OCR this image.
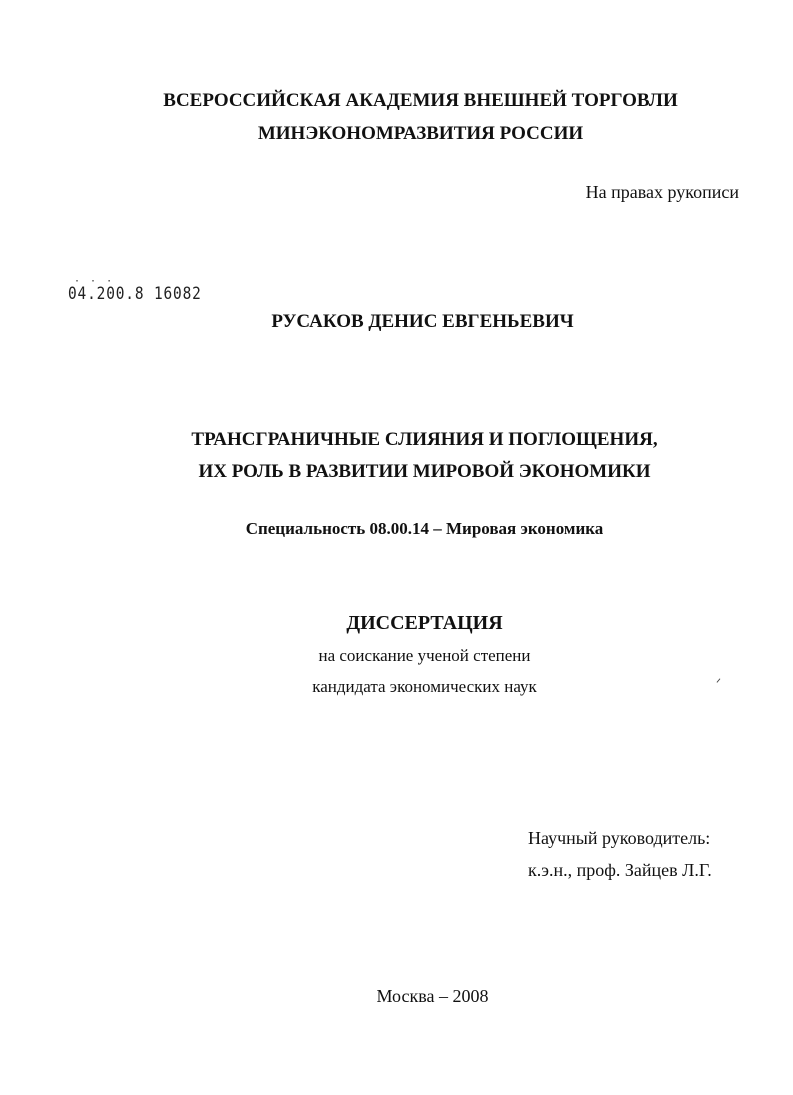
ВСЕРОССИЙСКАЯ АКАДЕМИЯ ВНЕШНЕЙ ТОРГОВЛИ
МИНЭКОНОМРАЗВИТИЯ РОССИИ
На правах рукописи
· · ·
04.200.8 16082
РУСАКОВ ДЕНИС ЕВГЕНЬЕВИЧ
ТРАНСГРАНИЧНЫЕ СЛИЯНИЯ И ПОГЛОЩЕНИЯ,
ИХ РОЛЬ В РАЗВИТИИ МИРОВОЙ ЭКОНОМИКИ
Специальность 08.00.14 – Мировая экономика
ДИССЕРТАЦИЯ
на соискание ученой степени
кандидата экономических наук	ᐟ
Научный руководитель:
к.э.н., проф. Зайцев Л.Г.
Москва – 2008
